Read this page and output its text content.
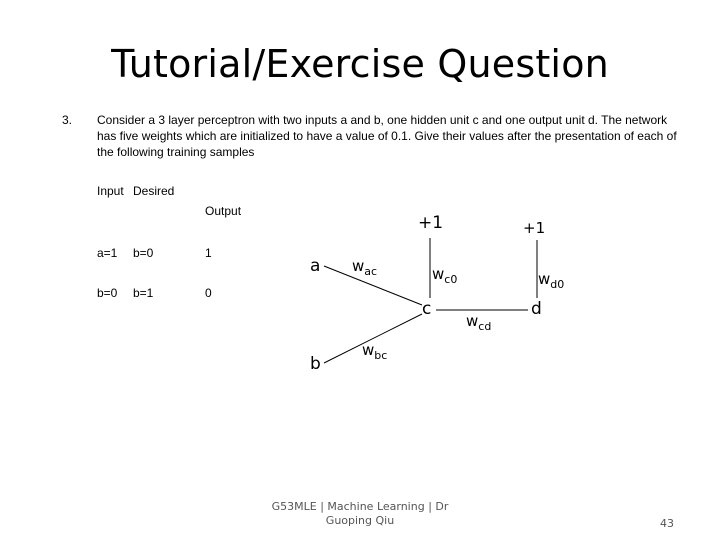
Tutorial/Exercise Question
3. Consider a 3 layer perceptron with two inputs a and b, one hidden unit c and one output unit d. The network has five weights which are initialized to have a value of 0.1. Give their values after the presentation of each of the following training samples
Input Desired
Output
a=1 b=0	1
b=0 b=1	0
+1	+1
a
b
c	d
$w_{ac}$
$w_{bc}$
$w_{c0}$
$w_{cd}$
$w_{d0}$
G53MLE | Machine Learning | Dr Guoping Qiu	43
